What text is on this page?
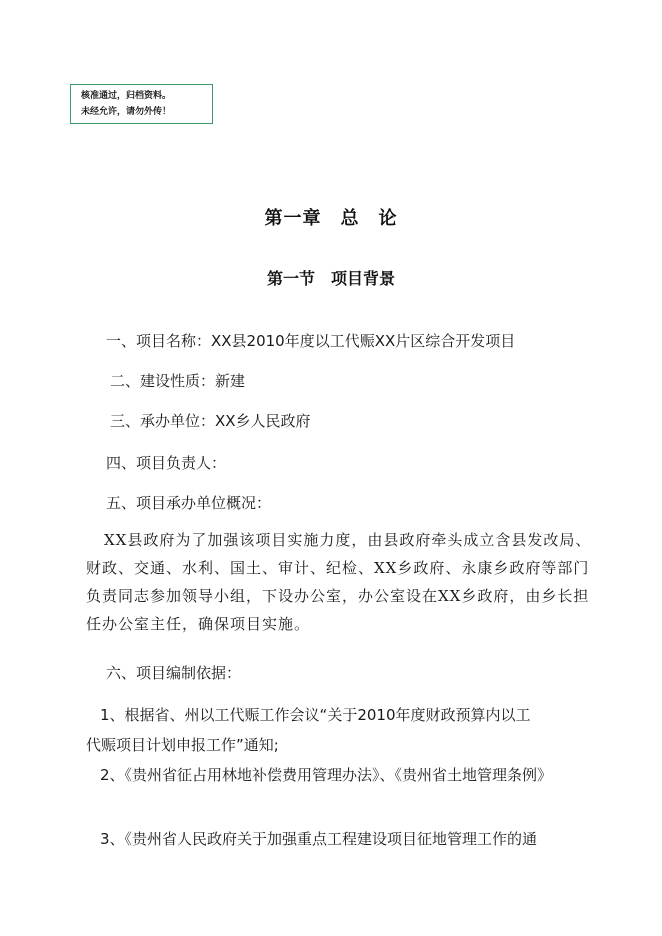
核准通过，归档资料。
未经允许，请勿外传！
第一章　总　论
第一节　项目背景
一、项目名称：XX县2010年度以工代赈XX片区综合开发项目
二、建设性质：新建
三、承办单位：XX乡人民政府
四、项目负责人：
五、项目承办单位概况：
XX县政府为了加强该项目实施力度，由县政府牵头成立含县发改局、
财政、交通、水利、国土、审计、纪检、XX乡政府、永康乡政府等部门
负责同志参加领导小组，下设办公室，办公室设在XX乡政府，由乡长担
任办公室主任，确保项目实施。
六、项目编制依据：
1、根据省、州以工代赈工作会议“关于2010年度财政预算内以工
代赈项目计划申报工作”通知;
2、《贵州省征占用林地补偿费用管理办法》、《贵州省土地管理条例》
3、《贵州省人民政府关于加强重点工程建设项目征地管理工作的通
